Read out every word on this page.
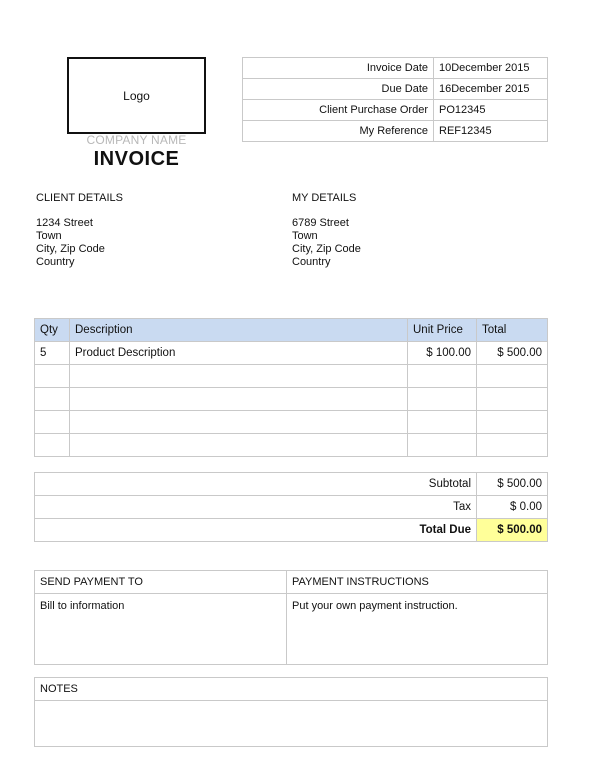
Logo
COMPANY NAME
INVOICE
Invoice Date	10December 2015
Due Date	16December 2015
Client Purchase Order	PO12345
My Reference	REF12345
CLIENT DETAILS
1234 Street
Town
City, Zip Code
Country
MY DETAILS
6789 Street
Town
City, Zip Code
Country
Qty	Description	Unit Price	Total
5	Product Description	$ 100.00	$ 500.00

Subtotal	$ 500.00
Tax	$ 0.00
Total Due	$ 500.00
SEND PAYMENT TO	PAYMENT INSTRUCTIONS
Bill to information	Put your own payment instruction.
NOTES
